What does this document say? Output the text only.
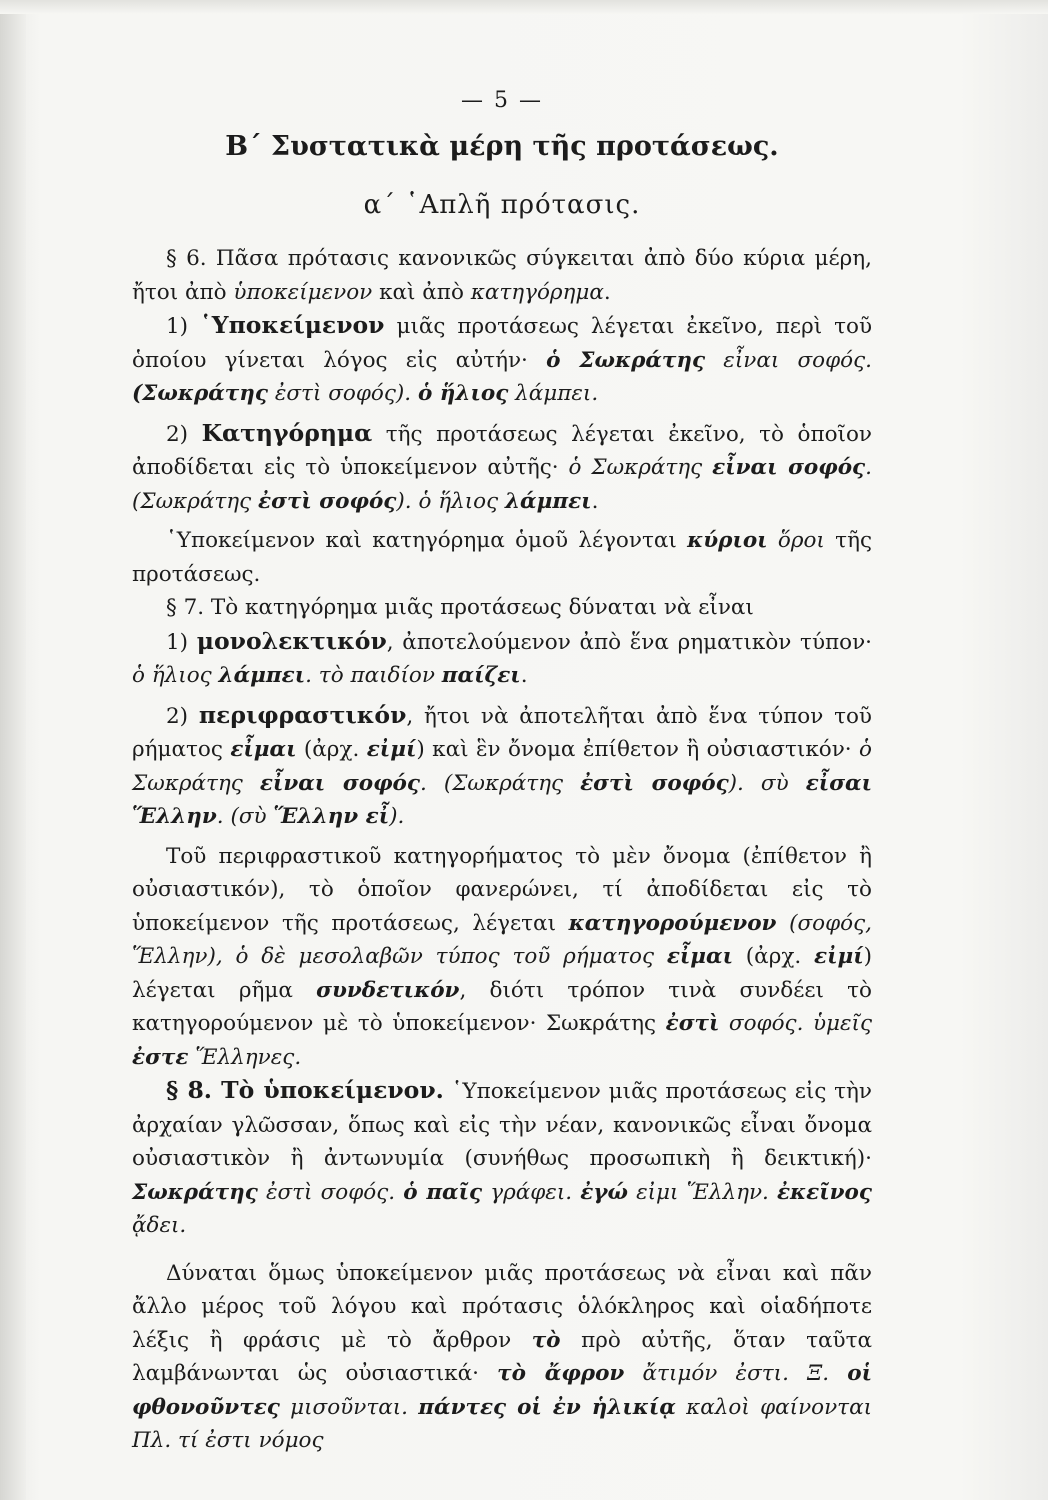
— 5 —
Β΄ Συστατικὰ μέρη τῆς προτάσεως.
α΄ ῾Απλῆ πρότασις.

§ 6. Πᾶσα πρότασις κανονικῶς σύγκειται ἀπὸ δύο κύρια μέρη, ἤτοι ἀπὸ ὑποκείμενον καὶ ἀπὸ κατηγόρημα.

1) ῾Υποκείμενον μιᾶς προτάσεως λέγεται ἐκεῖνο, περὶ τοῦ ὁποίου γίνεται λόγος εἰς αὐτήν· ὁ Σωκράτης εἶναι σοφός. (Σωκράτης ἐστὶ σοφός). ὁ ἥλιος λάμπει.

2) Κατηγόρημα τῆς προτάσεως λέγεται ἐκεῖνο, τὸ ὁποῖον ἀποδίδεται εἰς τὸ ὑποκείμενον αὐτῆς· ὁ Σωκράτης εἶναι σοφός. (Σωκράτης ἐστὶ σοφός). ὁ ἥλιος λάμπει.

῾Υποκείμενον καὶ κατηγόρημα ὁμοῦ λέγονται κύριοι ὅροι τῆς προτάσεως.

§ 7. Τὸ κατηγόρημα μιᾶς προτάσεως δύναται νὰ εἶναι

1) μονολεκτικόν, ἀποτελούμενον ἀπὸ ἕνα ρηματικὸν τύπον· ὁ ἥλιος λάμπει. τὸ παιδίον παίζει.

2) περιφραστικόν, ἤτοι νὰ ἀποτελῆται ἀπὸ ἕνα τύπον τοῦ ρήματος εἶμαι (ἀρχ. εἰμί) καὶ ἓν ὄνομα ἐπίθετον ἢ οὐσιαστικόν· ὁ Σωκράτης εἶναι σοφός. (Σωκράτης ἐστὶ σοφός). σὺ εἶσαι Ἕλλην. (σὺ Ἕλλην εἶ).

Τοῦ περιφραστικοῦ κατηγορήματος τὸ μὲν ὄνομα (ἐπίθετον ἢ οὐσιαστικόν), τὸ ὁποῖον φανερώνει, τί ἀποδίδεται εἰς τὸ ὑποκείμενον τῆς προτάσεως, λέγεται κατηγορούμενον (σοφός, Ἕλλην), ὁ δὲ μεσολαβῶν τύπος τοῦ ρήματος εἶμαι (ἀρχ. εἰμί) λέγεται ρῆμα συνδετικόν, διότι τρόπον τινὰ συνδέει τὸ κατηγορούμενον μὲ τὸ ὑποκείμενον· Σωκράτης ἐστὶ σοφός. ὑμεῖς ἐστε Ἕλληνες.

§ 8. Τὸ ὑποκείμενον. ῾Υποκείμενον μιᾶς προτάσεως εἰς τὴν ἀρχαίαν γλῶσσαν, ὅπως καὶ εἰς τὴν νέαν, κανονικῶς εἶναι ὄνομα οὐσιαστικὸν ἢ ἀντωνυμία (συνήθως προσωπικὴ ἢ δεικτική)· Σωκράτης ἐστὶ σοφός. ὁ παῖς γράφει. ἐγώ εἰμι Ἕλλην. ἐκεῖνος ᾄδει.

Δύναται ὅμως ὑποκείμενον μιᾶς προτάσεως νὰ εἶναι καὶ πᾶν ἄλλο μέρος τοῦ λόγου καὶ πρότασις ὁλόκληρος καὶ οἱαδήποτε λέξις ἢ φράσις μὲ τὸ ἄρθρον τὸ πρὸ αὐτῆς, ὅταν ταῦτα λαμβάνωνται ὡς οὐσιαστικά· τὸ ἄφρον ἄτιμόν ἐστι. Ξ. οἱ φθονοῦντες μισοῦνται. πάντες οἱ ἐν ἡλικίᾳ καλοὶ φαίνονται Πλ. τί ἐστι νόμος
